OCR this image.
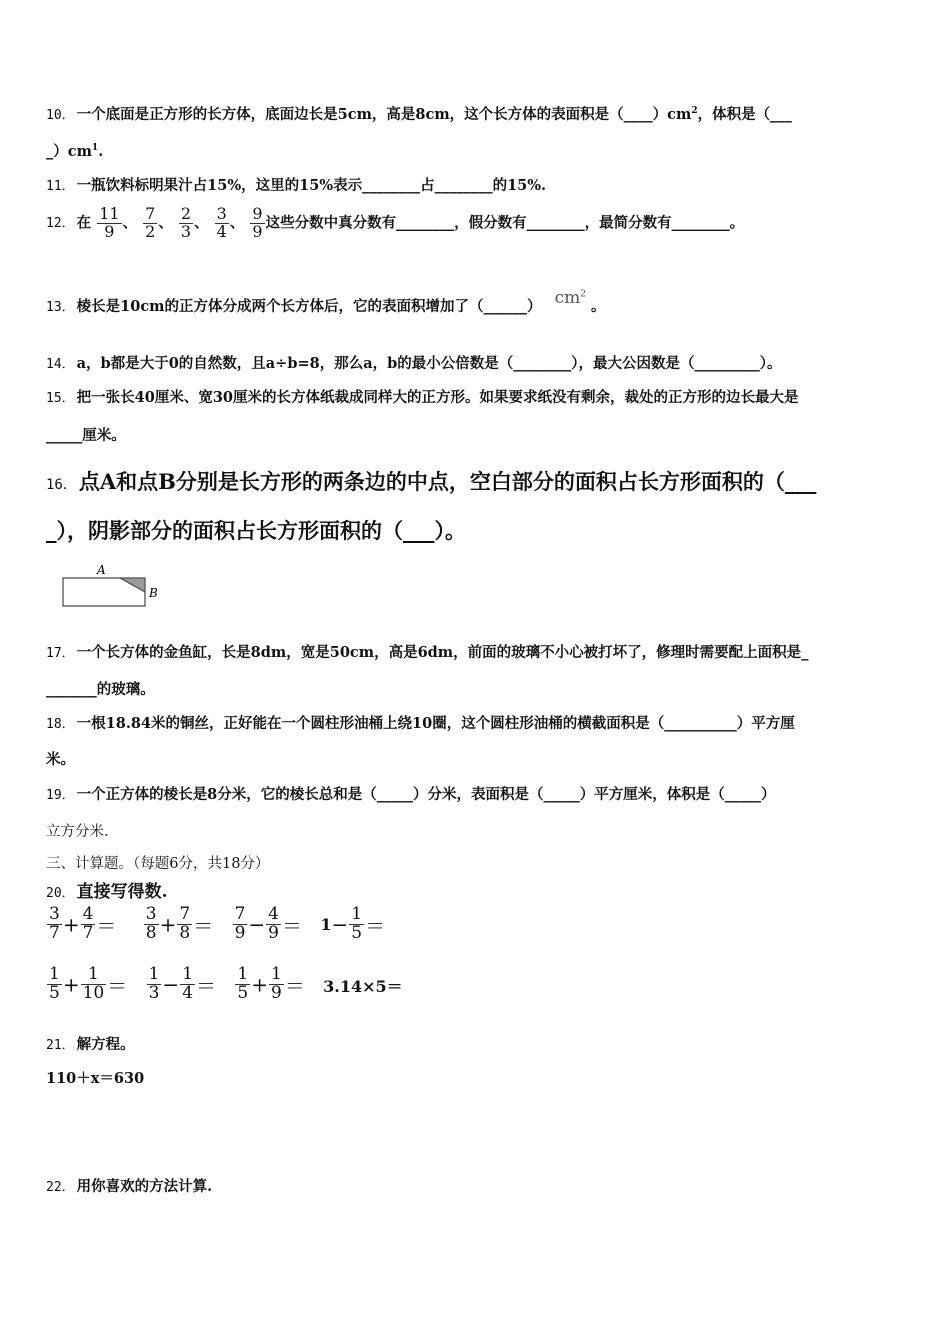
10． 一个底面是正方形的长方体，底面边长是5cm，高是8cm，这个长方体的表面积是$(\_\_\_\_)cm^2$，体积是（___
$\_)cm^1$.
11． 一瓶饮料标明果汁占15%，这里的15%表示________占________的15%.
12． 在 $\frac{11}{9}$ 、 $\frac{7}{2}$ 、 $\frac{2}{3}$ 、 $\frac{3}{4}$ 、 $\frac{9}{9}$ 这些分数中真分数有________，假分数有________，最简分数有________。
13． 棱长是10cm的正方体分成两个长方体后，它的表面积增加了（______） $cm^2$ 。
14． a，b都是大于0的自然数，且a÷b=8，那么a，b的最小公倍数是（________），最大公因数是（_________）。
15． 把一张长40厘米、宽30厘米的长方体纸裁成同样大的正方形。如果要求纸没有剩余，裁处的正方形的边长最大是
_____厘米。
16．点A和点B分别是长方形的两条边的中点，空白部分的面积占长方形面积的（___
_），阴影部分的面积占长方形面积的（___）。
A
B
17． 一个长方体的金鱼缸，长是8dm，宽是50cm，高是6dm，前面的玻璃不小心被打坏了，修理时需要配上面积是_
_______的玻璃。
18． 一根18.84米的铜丝，正好能在一个圆柱形油桶上绕10圈，这个圆柱形油桶的横截面积是（__________）平方厘
米。
19． 一个正方体的棱长是8分米，它的棱长总和是（_____）分米，表面积是（_____）平方厘米，体积是（_____）
立方分米.
三、计算题。（每题6分，共18分）
20． 直接写得数.
$\frac{3}{7} + \frac{4}{7} = \frac{3}{8} + \frac{7}{8} = \frac{7}{9} - \frac{4}{9} = 1- \frac{1}{5}$ ＝
$\frac{1}{5} + \frac{1}{10} = \frac{1}{3} - \frac{1}{4} = \frac{1}{5} + \frac{1}{9} = 3.14\times 5=$
21． 解方程。
110＋x＝630
22． 用你喜欢的方法计算.
